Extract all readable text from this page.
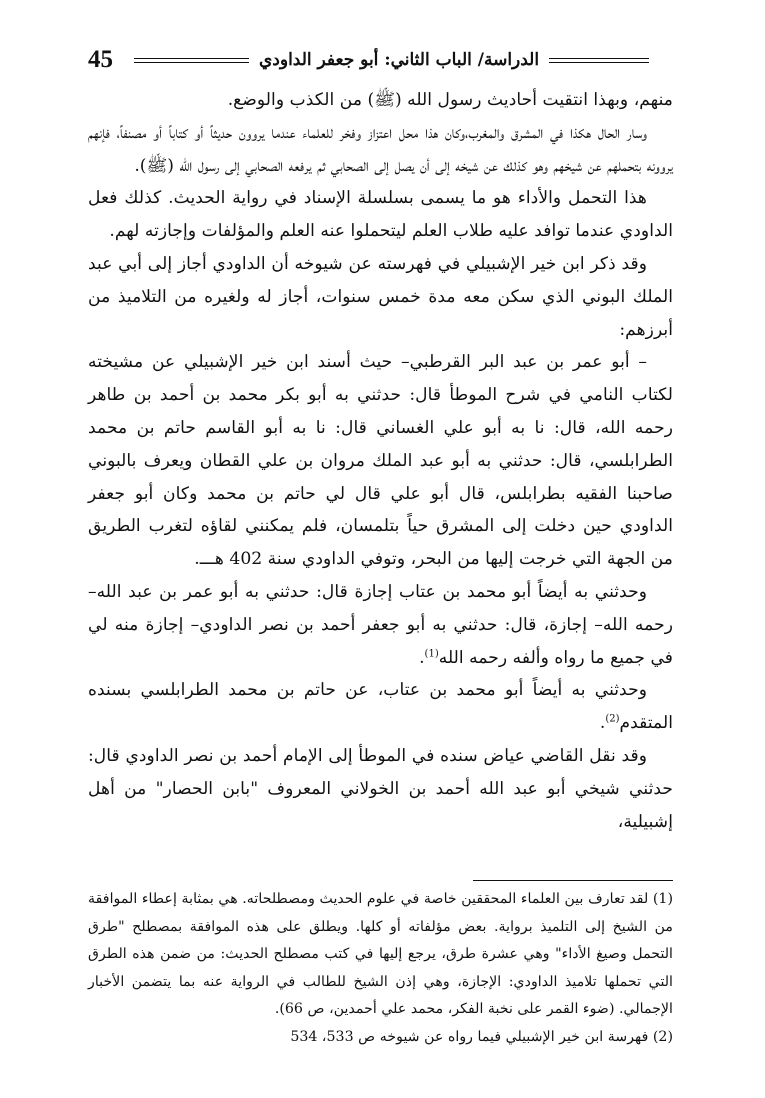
45	الدراسة/ الباب الثاني: أبو جعفر الداودي

منهم، وبهذا انتقيت أحاديث رسول الله (ﷺ) من الكذب والوضع.

وسار الحال هكذا في المشرق والمغرب،وكان هذا محل اعتزاز وفخر للعلماء عندما يروون حديثاً أو كتاباً أو مصنفاً، فإنهم يروونه بتحملهم عن شيخهم وهو كذلك عن شيخه إلى أن يصل إلى الصحابي ثم يرفعه الصحابي إلى رسول الله (ﷺ).

هذا التحمل والأداء هو ما يسمى بسلسلة الإسناد في رواية الحديث. كذلك فعل الداودي عندما توافد عليه طلاب العلم ليتحملوا عنه العلم والمؤلفات وإجازته لهم.

وقد ذكر ابن خير الإشبيلي في فهرسته عن شيوخه أن الداودي أجاز إلى أبي عبد الملك البوني الذي سكن معه مدة خمس سنوات، أجاز له ولغيره من التلاميذ من أبرزهم:

– أبو عمر بن عبد البر القرطبي– حيث أسند ابن خير الإشبيلي عن مشيخته لكتاب النامي في شرح الموطأ قال: حدثني به أبو بكر محمد بن أحمد بن طاهر رحمه الله، قال: نا به أبو علي الغساني قال: نا به أبو القاسم حاتم بن محمد الطرابلسي، قال: حدثني به أبو عبد الملك مروان بن علي القطان ويعرف بالبوني صاحبنا الفقيه بطرابلس، قال أبو علي قال لي حاتم بن محمد وكان أبو جعفر الداودي حين دخلت إلى المشرق حياً بتلمسان، فلم يمكنني لقاؤه لتغرب الطريق من الجهة التي خرجت إليها من البحر، وتوفي الداودي سنة 402 هـــ.

وحدثني به أيضاً أبو محمد بن عتاب إجازة قال: حدثني به أبو عمر بن عبد الله– رحمه الله– إجازة، قال: حدثني به أبو جعفر أحمد بن نصر الداودي– إجازة منه لي في جميع ما رواه وألفه رحمه الله$^{(1)}$.

وحدثني به أيضاً أبو محمد بن عتاب، عن حاتم بن محمد الطرابلسي بسنده المتقدم$^{(2)}$.

وقد نقل القاضي عياض سنده في الموطأ إلى الإمام أحمد بن نصر الداودي قال: حدثني شيخي أبو عبد الله أحمد بن الخولاني المعروف "بابن الحصار" من أهل إشبيلية،

(1) لقد تعارف بين العلماء المحققين خاصة في علوم الحديث ومصطلحاته. هي بمثابة إعطاء الموافقة من الشيخ إلى التلميذ برواية. بعض مؤلفاته أو كلها. ويطلق على هذه الموافقة بمصطلح "طرق التحمل وصيغ الأداء" وهي عشرة طرق، يرجع إليها في كتب مصطلح الحديث: من ضمن هذه الطرق التي تحملها تلاميذ الداودي: الإجازة، وهي إذن الشيخ للطالب في الرواية عنه بما يتضمن الأخبار الإجمالي. (ضوء القمر على نخبة الفكر، محمد علي أحمدين، ص 66).

(2) فهرسة ابن خير الإشبيلي فيما رواه عن شيوخه ص 533، 534
